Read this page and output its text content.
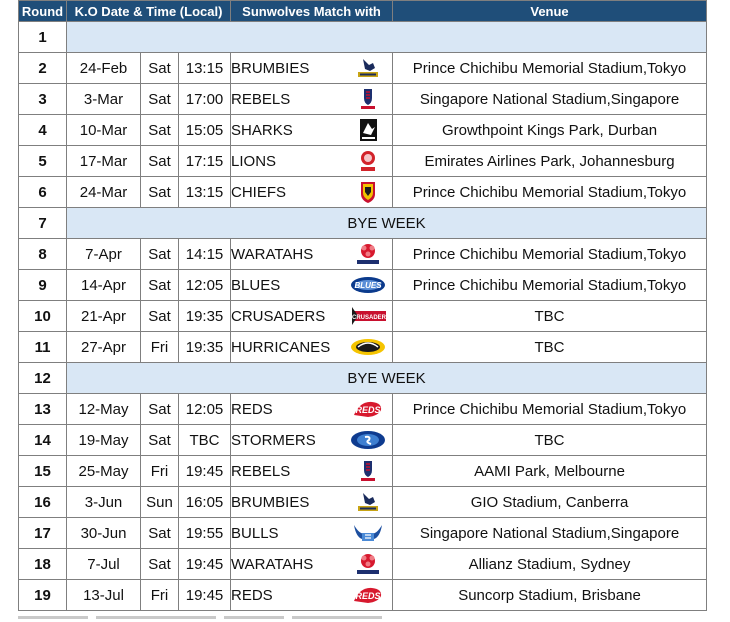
Round	K.O Date & Time (Local)			Sunwolves Match with	Venue
1					
2	24-Feb	Sat	13:15	BRUMBIES	Prince Chichibu Memorial Stadium,Tokyo
3	3-Mar	Sat	17:00	REBELS	Singapore National Stadium,Singapore
4	10-Mar	Sat	15:05	SHARKS	Growthpoint Kings Park, Durban
5	17-Mar	Sat	17:15	LIONS	Emirates Airlines Park, Johannesburg
6	24-Mar	Sat	13:15	CHIEFS	Prince Chichibu Memorial Stadium,Tokyo
7	BYE WEEK				
8	7-Apr	Sat	14:15	WARATAHS	Prince Chichibu Memorial Stadium,Tokyo
9	14-Apr	Sat	12:05	BLUES BLUES	Prince Chichibu Memorial Stadium,Tokyo
10	21-Apr	Sat	19:35	CRUSADERS CRUSADERS	TBC
11	27-Apr	Fri	19:35	HURRICANES	TBC
12	BYE WEEK				
13	12-May	Sat	12:05	REDS REDS	Prince Chichibu Memorial Stadium,Tokyo
14	19-May	Sat	TBC	STORMERS	TBC
15	25-May	Fri	19:45	REBELS	AAMI Park, Melbourne
16	3-Jun	Sun	16:05	BRUMBIES	GIO Stadium, Canberra
17	30-Jun	Sat	19:55	BULLS	Singapore National Stadium,Singapore
18	7-Jul	Sat	19:45	WARATAHS	Allianz Stadium, Sydney
19	13-Jul	Fri	19:45	REDS REDS	Suncorp Stadium, Brisbane
